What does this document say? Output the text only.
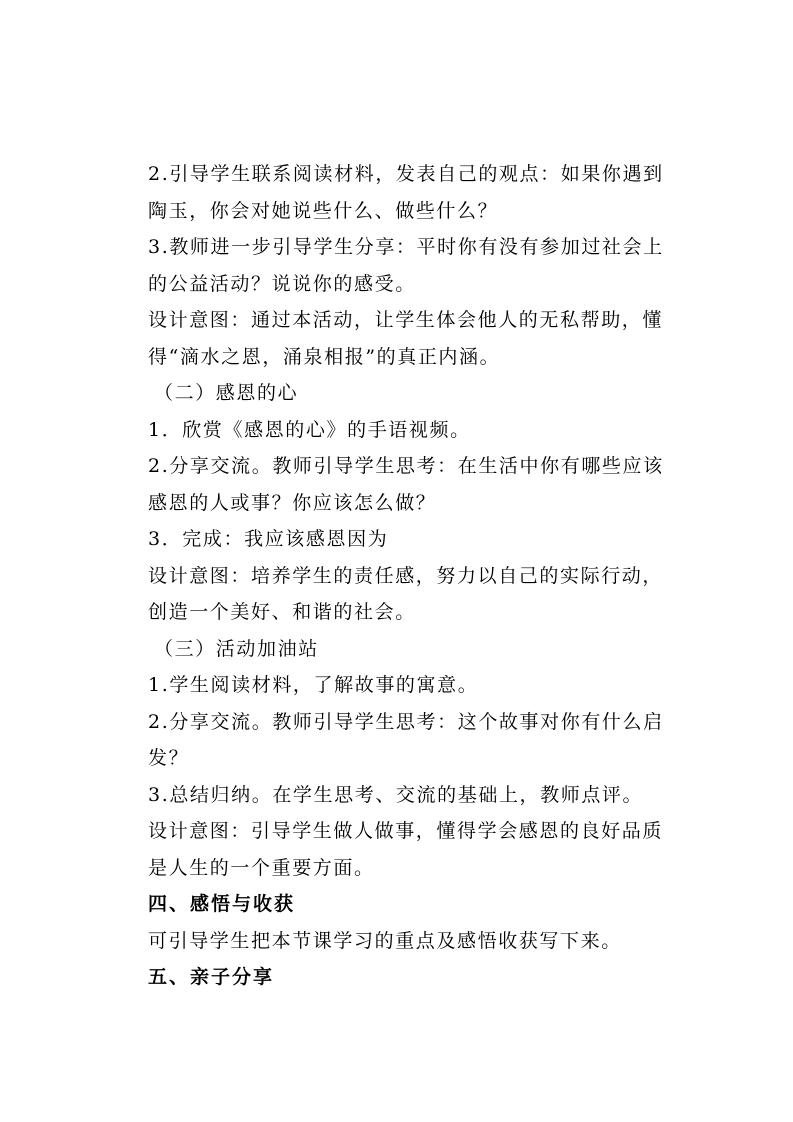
2.引导学生联系阅读材料，发表自己的观点：如果你遇到
陶玉，你会对她说些什么、做些什么？

3.教师进一步引导学生分享：平时你有没有参加过社会上
的公益活动？说说你的感受。

设计意图：通过本活动，让学生体会他人的无私帮助，懂
得“滴水之恩，涌泉相报”的真正内涵。

（二）感恩的心

1．欣赏《感恩的心》的手语视频。

2.分享交流。教师引导学生思考：在生活中你有哪些应该
感恩的人或事？你应该怎么做？

3．完成：我应该感恩因为

设计意图：培养学生的责任感，努力以自己的实际行动，
创造一个美好、和谐的社会。

（三）活动加油站

1.学生阅读材料，了解故事的寓意。

2.分享交流。教师引导学生思考：这个故事对你有什么启
发？

3.总结归纳。在学生思考、交流的基础上，教师点评。

设计意图：引导学生做人做事，懂得学会感恩的良好品质
是人生的一个重要方面。

四、感悟与收获

可引导学生把本节课学习的重点及感悟收获写下来。

五、亲子分享
